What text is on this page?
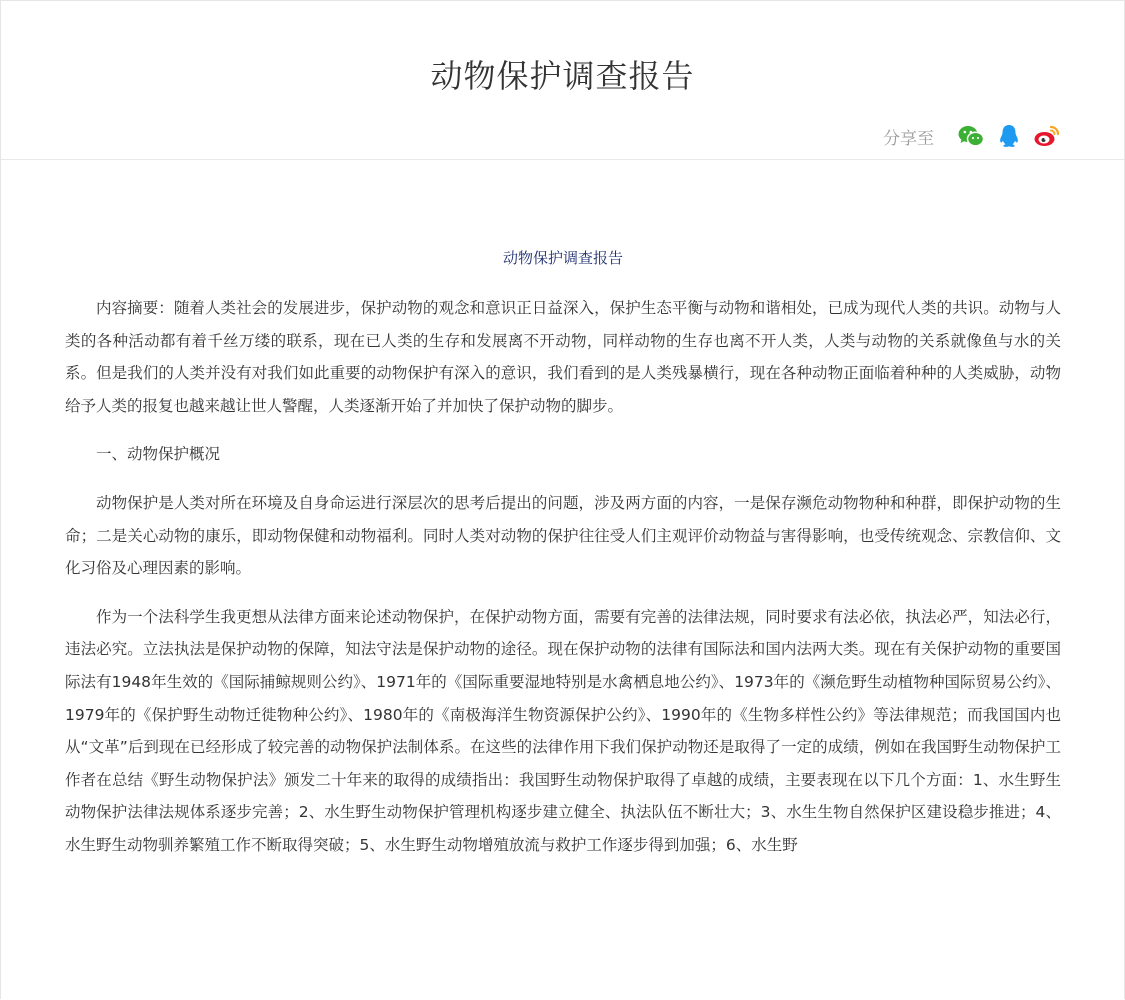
动物保护调查报告
分享至
动物保护调查报告

内容摘要：随着人类社会的发展进步，保护动物的观念和意识正日益深入，保护生态平衡与动物和谐相处，已成为现代人类的共识。动物与人类的各种活动都有着千丝万缕的联系，现在已人类的生存和发展离不开动物，同样动物的生存也离不开人类，人类与动物的关系就像鱼与水的关系。但是我们的人类并没有对我们如此重要的动物保护有深入的意识，我们看到的是人类残暴横行，现在各种动物正面临着种种的人类威胁，动物给予人类的报复也越来越让世人警醒，人类逐渐开始了并加快了保护动物的脚步。

一、动物保护概况

动物保护是人类对所在环境及自身命运进行深层次的思考后提出的问题，涉及两方面的内容，一是保存濒危动物物种和种群，即保护动物的生命；二是关心动物的康乐，即动物保健和动物福利。同时人类对动物的保护往往受人们主观评价动物益与害得影响，也受传统观念、宗教信仰、文化习俗及心理因素的影响。

作为一个法科学生我更想从法律方面来论述动物保护，在保护动物方面，需要有完善的法律法规，同时要求有法必依，执法必严，知法必行，违法必究。立法执法是保护动物的保障，知法守法是保护动物的途径。现在保护动物的法律有国际法和国内法两大类。现在有关保护动物的重要国际法有1948年生效的《国际捕鲸规则公约》、1971年的《国际重要湿地特别是水禽栖息地公约》、1973年的《濒危野生动植物种国际贸易公约》、1979年的《保护野生动物迁徙物种公约》、1980年的《南极海洋生物资源保护公约》、1990年的《生物多样性公约》等法律规范；而我国国内也从“文革”后到现在已经形成了较完善的动物保护法制体系。在这些的法律作用下我们保护动物还是取得了一定的成绩，例如在我国野生动物保护工作者在总结《野生动物保护法》颁发二十年来的取得的成绩指出：我国野生动物保护取得了卓越的成绩，主要表现在以下几个方面：1、水生野生动物保护法律法规体系逐步完善；2、水生野生动物保护管理机构逐步建立健全、执法队伍不断壮大；3、水生生物自然保护区建设稳步推进；4、水生野生动物驯养繁殖工作不断取得突破；5、水生野生动物增殖放流与救护工作逐步得到加强；6、水生野
